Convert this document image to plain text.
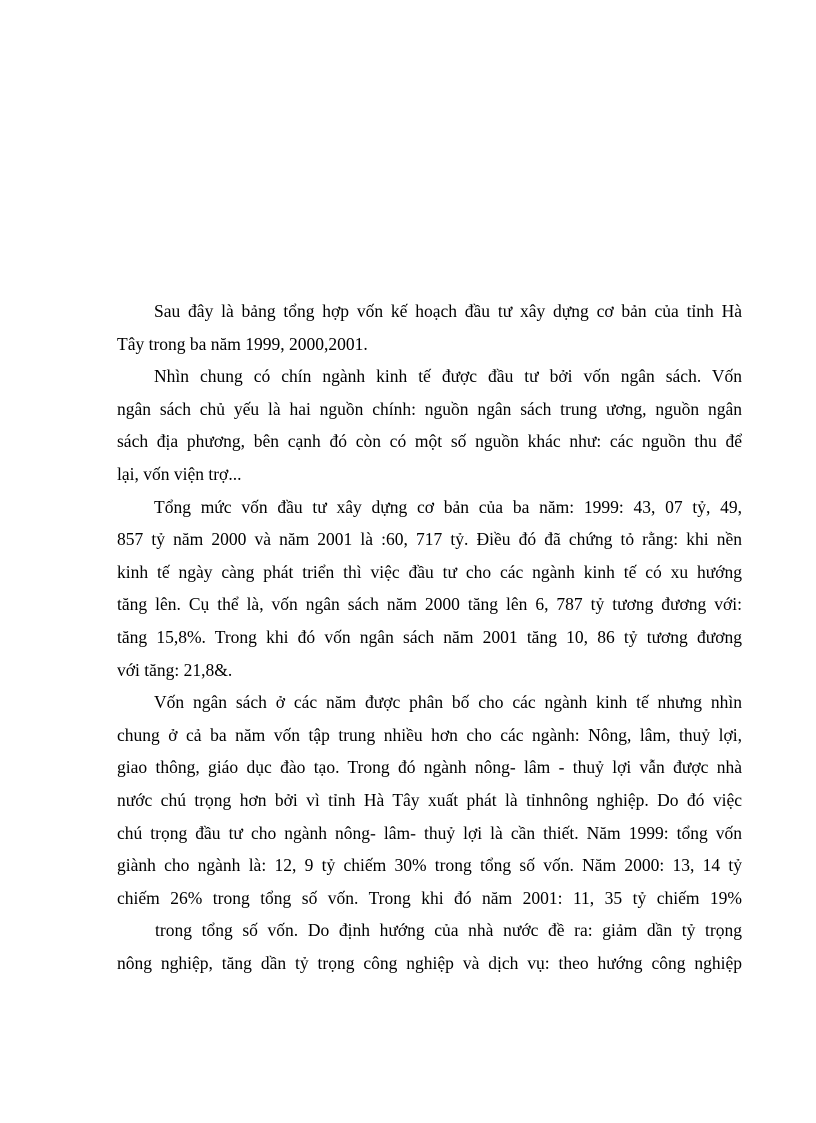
Sau đây là bảng tổng hợp vốn kế hoạch đầu tư xây dựng cơ bản của tỉnh Hà
Tây trong ba năm 1999, 2000,2001.
Nhìn chung có chín ngành kinh tế được đầu tư bởi vốn ngân sách. Vốn
ngân sách chủ yếu là hai nguồn chính: nguồn ngân sách trung ương, nguồn ngân
sách địa phương, bên cạnh đó còn có một số nguồn khác như: các nguồn thu để
lại, vốn viện trợ...
Tổng mức vốn đầu tư xây dựng cơ bản của ba năm: 1999: 43, 07 tỷ, 49,
857 tỷ năm 2000 và năm 2001 là :60, 717 tỷ. Điều đó đã chứng tỏ rằng: khi nền
kinh tế ngày càng phát triển thì việc đầu tư cho các ngành kinh tế có xu hướng
tăng lên. Cụ thể là, vốn ngân sách năm 2000 tăng lên 6, 787 tỷ tương đương với:
tăng 15,8%. Trong khi đó vốn ngân sách năm 2001 tăng 10, 86 tỷ tương đương
với tăng: 21,8&.
Vốn ngân sách ở các năm được phân bố cho các ngành kinh tế nhưng nhìn
chung ở cả ba năm vốn tập trung nhiều hơn cho các ngành: Nông, lâm, thuỷ lợi,
giao thông, giáo dục đào tạo. Trong đó ngành nông- lâm - thuỷ lợi vẫn được nhà
nước chú trọng hơn bởi vì tỉnh Hà Tây xuất phát là tỉnhnông nghiệp. Do đó việc
chú trọng đầu tư cho ngành nông- lâm- thuỷ lợi là cần thiết. Năm 1999: tổng vốn
giành cho ngành là: 12, 9 tỷ chiếm 30% trong tổng số vốn. Năm 2000: 13, 14 tỷ
chiếm 26% trong tổng số vốn. Trong khi đó năm 2001: 11, 35 tỷ chiếm 19%
trong tổng số vốn. Do định hướng của nhà nước đề ra: giảm dần tỷ trọng
nông nghiệp, tăng dần tỷ trọng công nghiệp và dịch vụ: theo hướng công nghiệp
